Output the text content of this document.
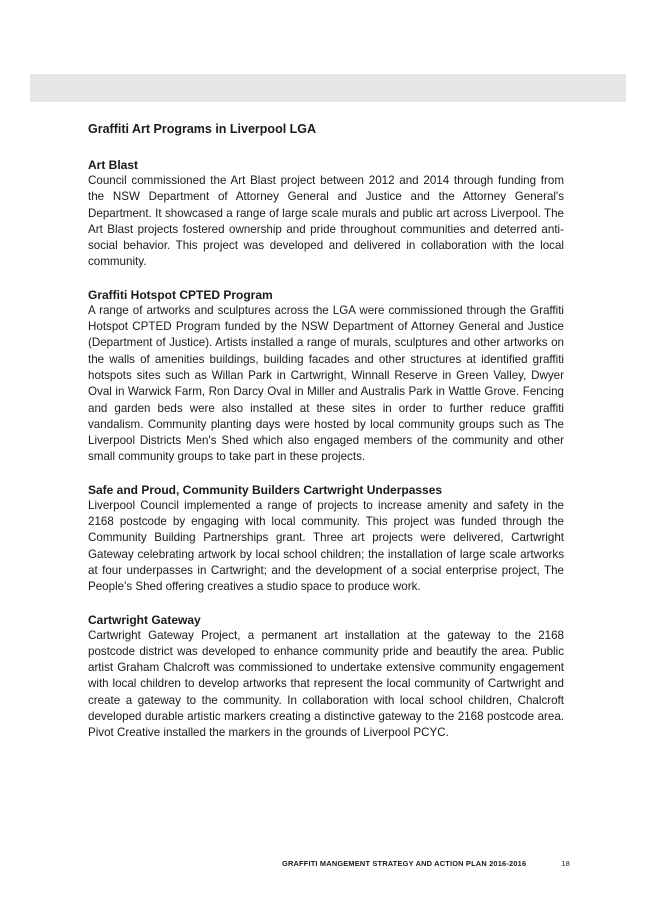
Graffiti Art Programs in Liverpool LGA
Art Blast

Council commissioned the Art Blast project between 2012 and 2014 through funding from the NSW Department of Attorney General and Justice and the Attorney General's Department. It showcased a range of large scale murals and public art across Liverpool. The Art Blast projects fostered ownership and pride throughout communities and deterred anti-social behavior. This project was developed and delivered in collaboration with the local community.

Graffiti Hotspot CPTED Program

A range of artworks and sculptures across the LGA were commissioned through the Graffiti Hotspot CPTED Program funded by the NSW Department of Attorney General and Justice (Department of Justice). Artists installed a range of murals, sculptures and other artworks on the walls of amenities buildings, building facades and other structures at identified graffiti hotspots sites such as Willan Park in Cartwright, Winnall Reserve in Green Valley, Dwyer Oval in Warwick Farm, Ron Darcy Oval in Miller and Australis Park in Wattle Grove. Fencing and garden beds were also installed at these sites in order to further reduce graffiti vandalism. Community planting days were hosted by local community groups such as The Liverpool Districts Men's Shed which also engaged members of the community and other small community groups to take part in these projects.

Safe and Proud, Community Builders Cartwright Underpasses

Liverpool Council implemented a range of projects to increase amenity and safety in the 2168 postcode by engaging with local community. This project was funded through the Community Building Partnerships grant. Three art projects were delivered, Cartwright Gateway celebrating artwork by local school children; the installation of large scale artworks at four underpasses in Cartwright; and the development of a social enterprise project, The People's Shed offering creatives a studio space to produce work.

Cartwright Gateway

Cartwright Gateway Project, a permanent art installation at the gateway to the 2168 postcode district was developed to enhance community pride and beautify the area. Public artist Graham Chalcroft was commissioned to undertake extensive community engagement with local children to develop artworks that represent the local community of Cartwright and create a gateway to the community. In collaboration with local school children, Chalcroft developed durable artistic markers creating a distinctive gateway to the 2168 postcode area. Pivot Creative installed the markers in the grounds of Liverpool PCYC.

GRAFFITI MANGEMENT STRATEGY AND ACTION PLAN 2016-2016	18
